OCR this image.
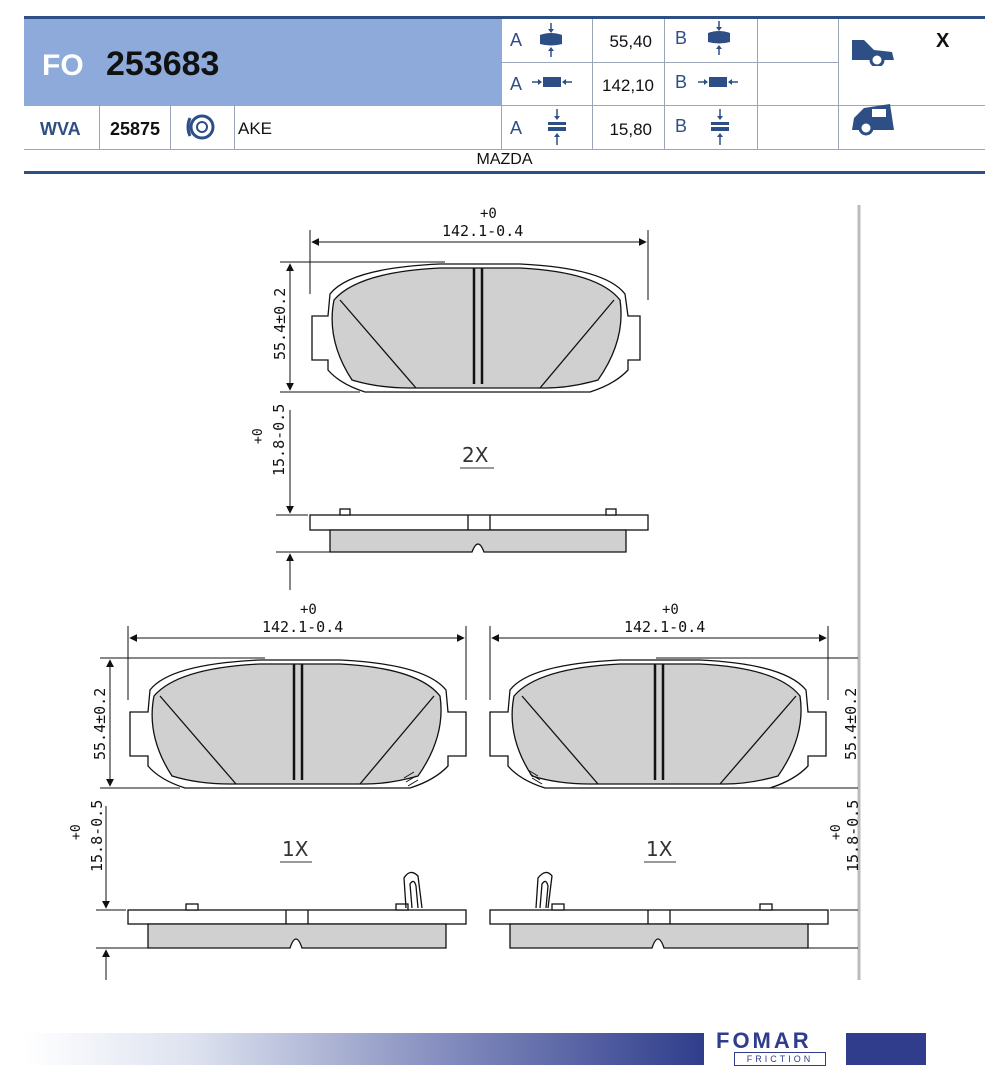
FO 253683
WVA 25875	AKE
A	55,40 B
A	142,10 B
A	15,80 B
X
MAZDA
+0
142.1-0.4
55.4±0.2
+0 15.8-0.5	2X
+0
142.1-0.4
55.4±0.2
+0 15.8-0.5	1X
+0
142.1-0.4
55.4±0.2
+0 15.8-0.5
1X
FOMAR
FRICTION
